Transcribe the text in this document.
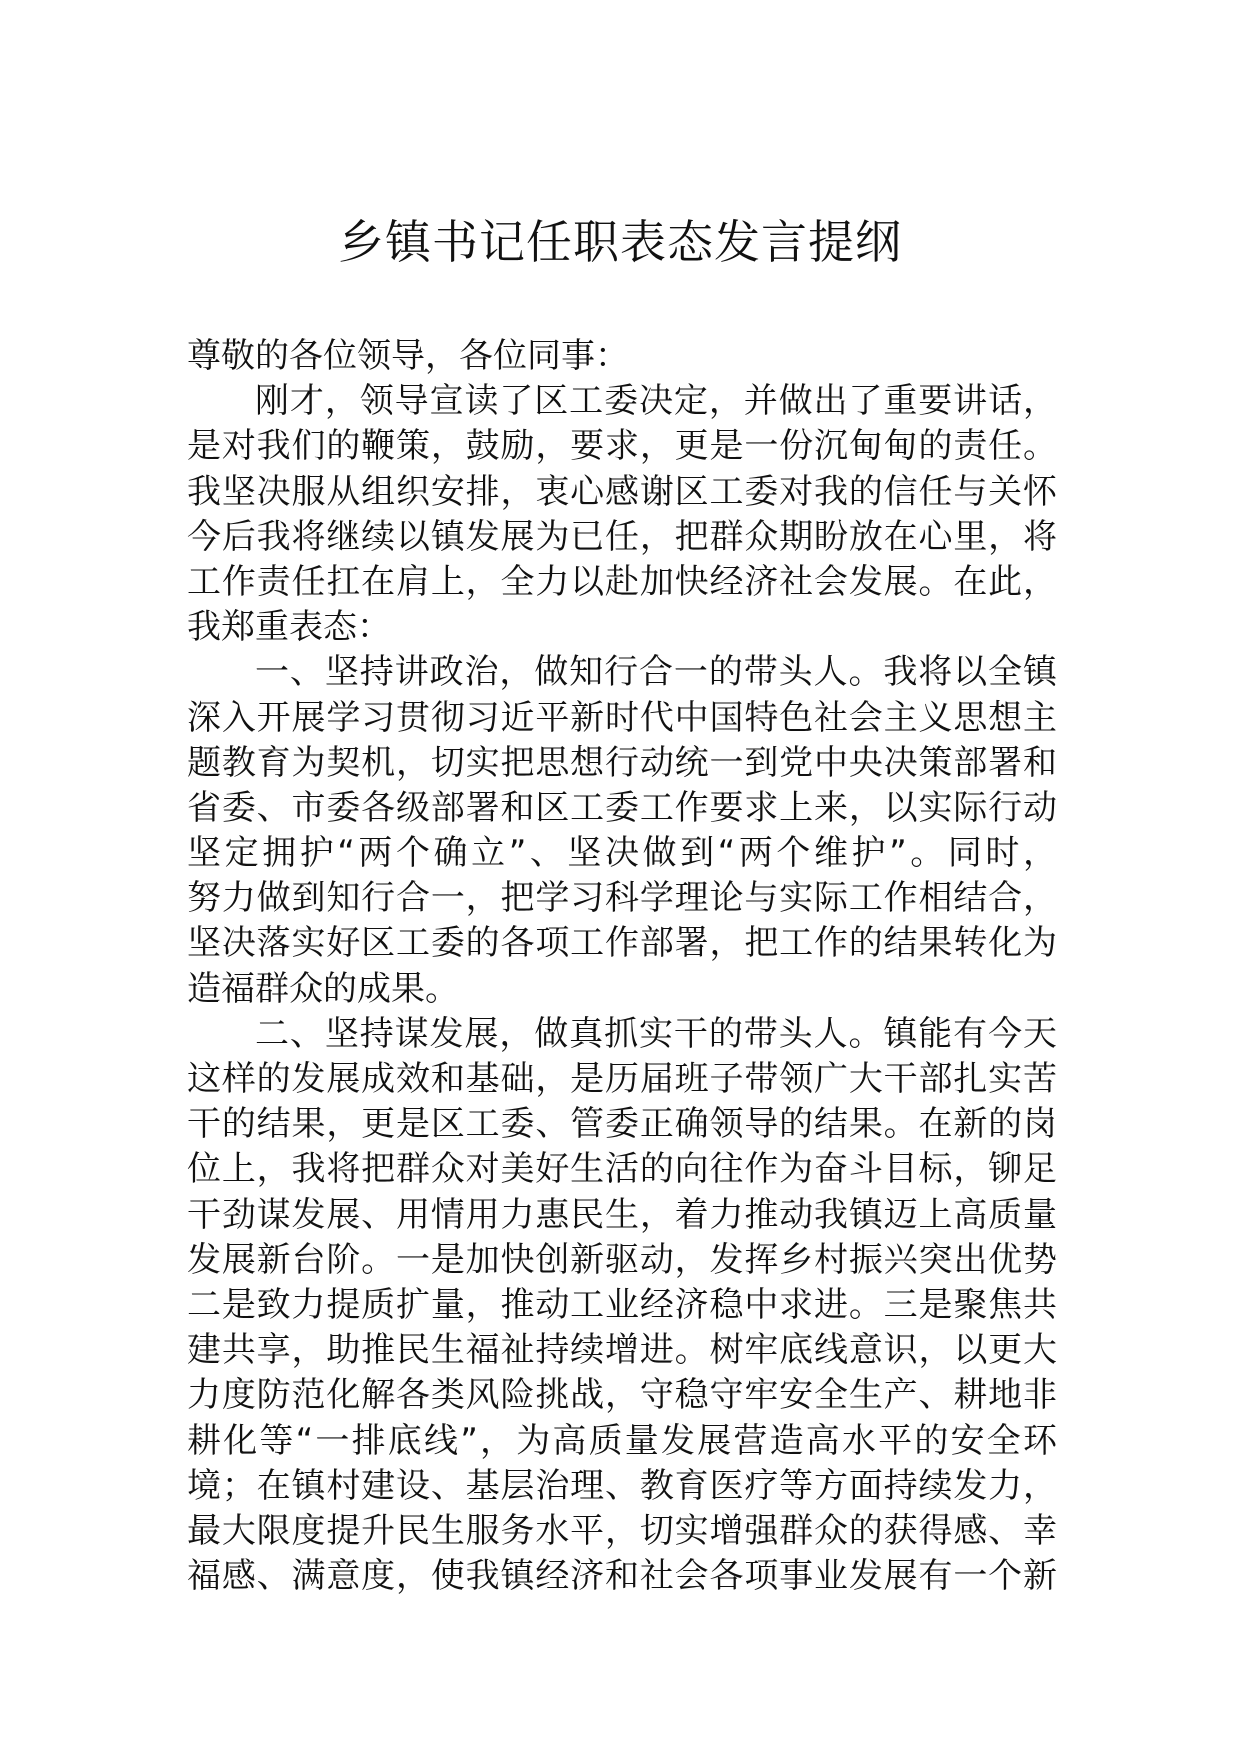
乡镇书记任职表态发言提纲
尊敬的各位领导，各位同事：
刚才，领导宣读了区工委决定，并做出了重要讲话，
是对我们的鞭策，鼓励，要求，更是一份沉甸甸的责任。
我坚决服从组织安排，衷心感谢区工委对我的信任与关怀
今后我将继续以镇发展为已任，把群众期盼放在心里，将
工作责任扛在肩上，全力以赴加快经济社会发展。在此，
我郑重表态：
一、坚持讲政治，做知行合一的带头人。我将以全镇
深入开展学习贯彻习近平新时代中国特色社会主义思想主
题教育为契机，切实把思想行动统一到党中央决策部署和
省委、市委各级部署和区工委工作要求上来，以实际行动
坚定拥护“两个确立”、坚决做到“两个维护”。同时，
努力做到知行合一，把学习科学理论与实际工作相结合，
坚决落实好区工委的各项工作部署，把工作的结果转化为
造福群众的成果。
二、坚持谋发展，做真抓实干的带头人。镇能有今天
这样的发展成效和基础，是历届班子带领广大干部扎实苦
干的结果，更是区工委、管委正确领导的结果。在新的岗
位上，我将把群众对美好生活的向往作为奋斗目标，铆足
干劲谋发展、用情用力惠民生，着力推动我镇迈上高质量
发展新台阶。一是加快创新驱动，发挥乡村振兴突出优势
二是致力提质扩量，推动工业经济稳中求进。三是聚焦共
建共享，助推民生福祉持续增进。树牢底线意识，以更大
力度防范化解各类风险挑战，守稳守牢安全生产、耕地非
耕化等“一排底线”，为高质量发展营造高水平的安全环
境；在镇村建设、基层治理、教育医疗等方面持续发力，
最大限度提升民生服务水平，切实增强群众的获得感、幸
福感、满意度，使我镇经济和社会各项事业发展有一个新
